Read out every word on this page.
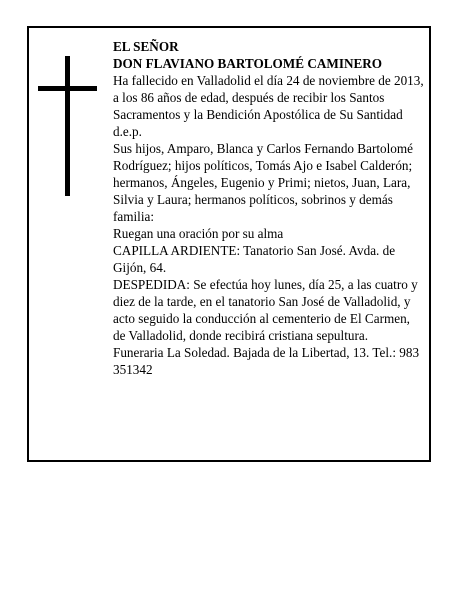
EL SEÑOR

DON FLAVIANO BARTOLOMÉ CAMINERO

Ha fallecido en Valladolid el día 24 de noviembre de 2013, a los 86 años de edad, después de recibir los Santos Sacramentos y la Bendición Apostólica de Su Santidad

d.e.p.

Sus hijos, Amparo, Blanca y Carlos Fernando Bartolomé Rodríguez; hijos políticos, Tomás Ajo e Isabel Calderón; hermanos, Ángeles, Eugenio y Primi; nietos, Juan, Lara, Silvia y Laura; hermanos políticos, sobrinos y demás familia:

Ruegan una oración por su alma

CAPILLA ARDIENTE: Tanatorio San José. Avda. de Gijón, 64.

DESPEDIDA: Se efectúa hoy lunes, día 25, a las cuatro y diez de la tarde, en el tanatorio San José de Valladolid, y acto seguido la conducción al cementerio de El Carmen, de Valladolid, donde recibirá cristiana sepultura.

Funeraria La Soledad. Bajada de la Libertad, 13. Tel.: 983 351342
